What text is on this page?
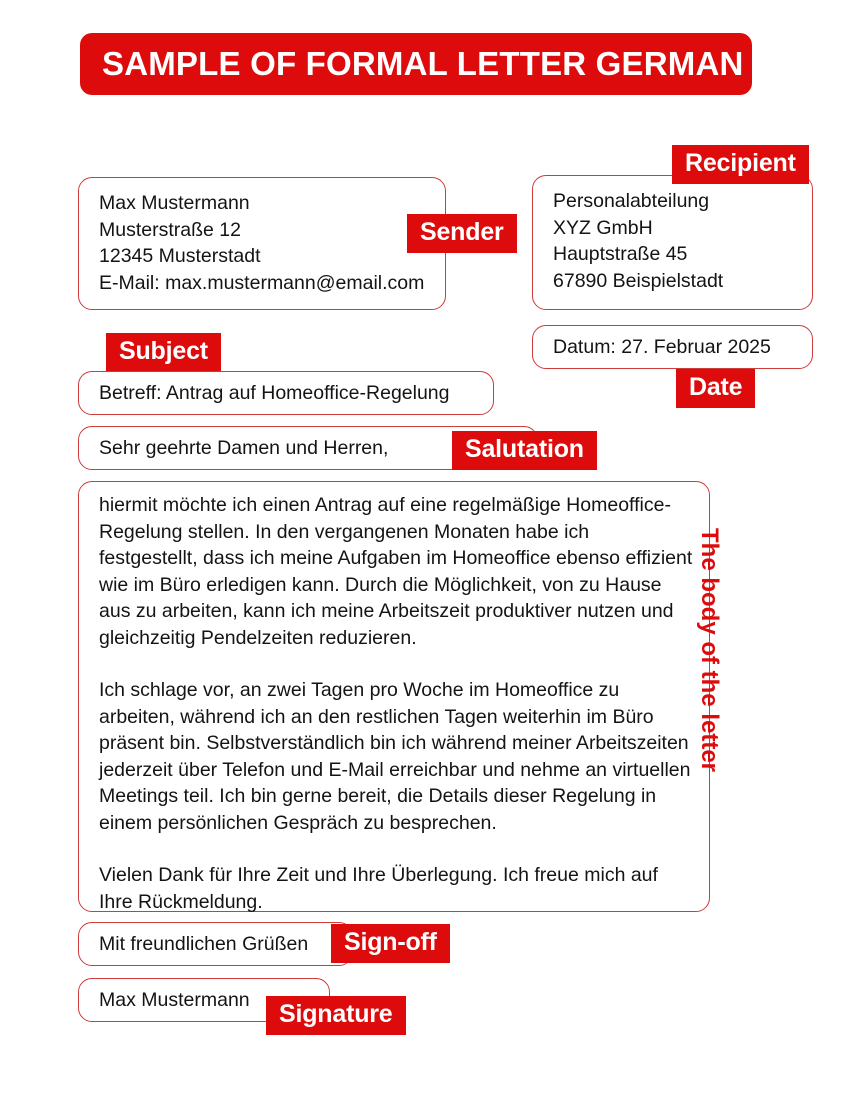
SAMPLE OF FORMAL LETTER GERMAN
Max Mustermann
Musterstraße 12
12345 Musterstadt
E-Mail: max.mustermann@email.com
Sender
Personalabteilung
XYZ GmbH
Hauptstraße 45
67890 Beispielstadt
Recipient
Datum: 27. Februar 2025
Date
Subject
Betreff: Antrag auf Homeoffice-Regelung
Sehr geehrte Damen und Herren,	Salutation

hiermit möchte ich einen Antrag auf eine regelmäßige Homeoffice-Regelung stellen. In den vergangenen Monaten habe ich festgestellt, dass ich meine Aufgaben im Homeoffice ebenso effizient wie im Büro erledigen kann. Durch die Möglichkeit, von zu Hause aus zu arbeiten, kann ich meine Arbeitszeit produktiver nutzen und gleichzeitig Pendelzeiten reduzieren.

Ich schlage vor, an zwei Tagen pro Woche im Homeoffice zu arbeiten, während ich an den restlichen Tagen weiterhin im Büro präsent bin. Selbstverständlich bin ich während meiner Arbeitszeiten jederzeit über Telefon und E-Mail erreichbar und nehme an virtuellen Meetings teil. Ich bin gerne bereit, die Details dieser Regelung in einem persönlichen Gespräch zu besprechen.

Vielen Dank für Ihre Zeit und Ihre Überlegung. Ich freue mich auf Ihre Rückmeldung.

The body of the letter
Mit freundlichen Grüßen	Sign-off
Max Mustermann
Signature
